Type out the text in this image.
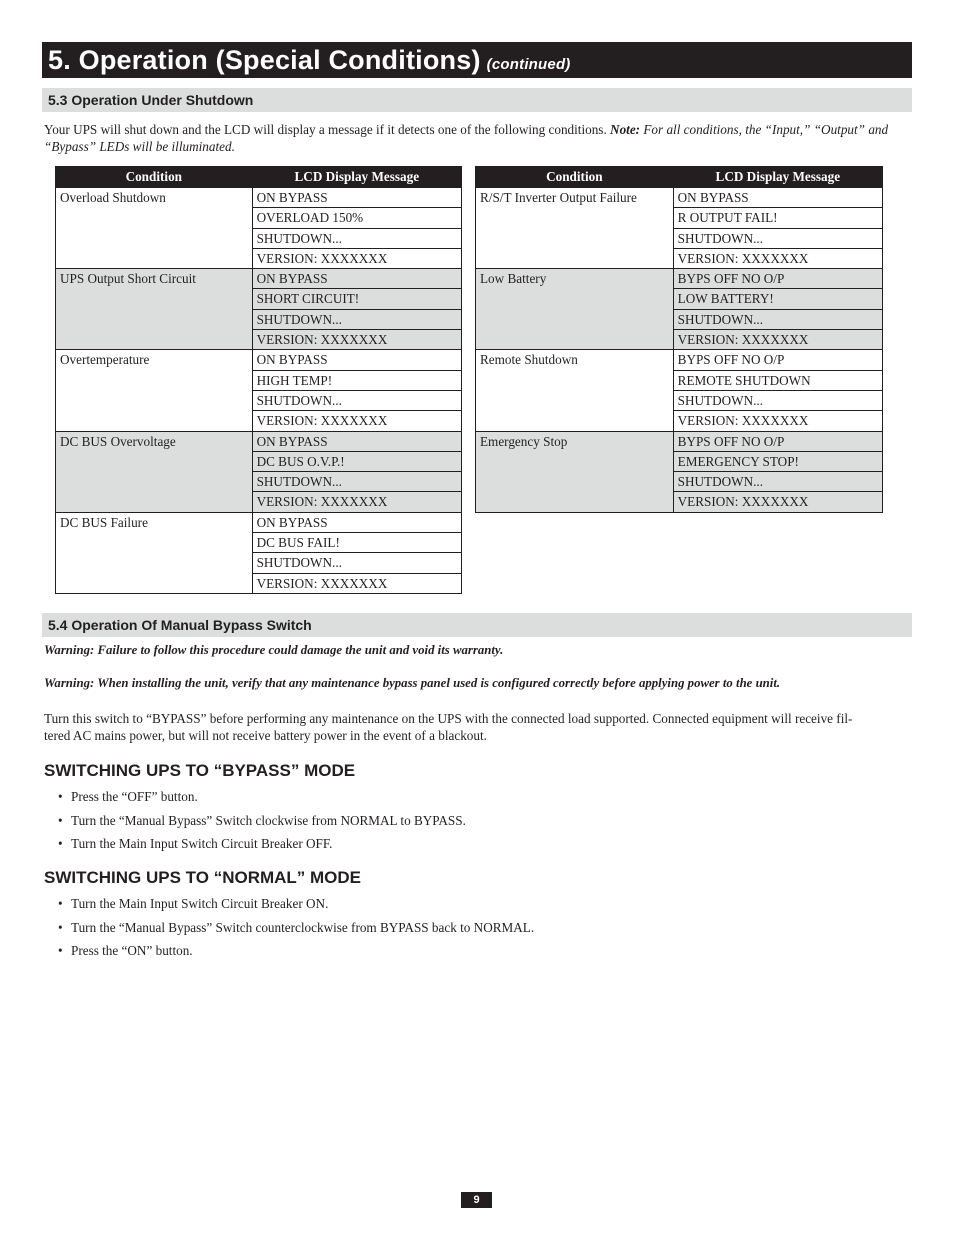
5. Operation (Special Conditions) (continued)
5.3 Operation Under Shutdown
Your UPS will shut down and the LCD will display a message if it detects one of the following conditions. Note: For all conditions, the “Input,” “Output” and “Bypass” LEDs will be illuminated.
Condition	LCD Display Message
Overload Shutdown	ON BYPASS
	OVERLOAD 150%
	SHUTDOWN...
	VERSION: XXXXXXX
UPS Output Short Circuit	ON BYPASS
	SHORT CIRCUIT!
	SHUTDOWN...
	VERSION: XXXXXXX
Overtemperature	ON BYPASS
	HIGH TEMP!
	SHUTDOWN...
	VERSION: XXXXXXX
DC BUS Overvoltage	ON BYPASS
	DC BUS O.V.P.!
	SHUTDOWN...
	VERSION: XXXXXXX
DC BUS Failure	ON BYPASS
	DC BUS FAIL!
	SHUTDOWN...
	VERSION: XXXXXXX
Condition	LCD Display Message
R/S/T Inverter Output Failure	ON BYPASS
	R OUTPUT FAIL!
	SHUTDOWN...
	VERSION: XXXXXXX
Low Battery	BYPS OFF NO O/P
	LOW BATTERY!
	SHUTDOWN...
	VERSION: XXXXXXX
Remote Shutdown	BYPS OFF NO O/P
	REMOTE SHUTDOWN
	SHUTDOWN...
	VERSION: XXXXXXX
Emergency Stop	BYPS OFF NO O/P
	EMERGENCY STOP!
	SHUTDOWN...
	VERSION: XXXXXXX
5.4 Operation Of Manual Bypass Switch
Warning: Failure to follow this procedure could damage the unit and void its warranty.
Warning: When installing the unit, verify that any maintenance bypass panel used is configured correctly before applying power to the unit.
Turn this switch to “BYPASS” before performing any maintenance on the UPS with the connected load supported. Connected equipment will receive fil-
tered AC mains power, but will not receive battery power in the event of a blackout.
SWITCHING UPS TO “BYPASS” MODE
• Press the “OFF” button.
• Turn the “Manual Bypass” Switch clockwise from NORMAL to BYPASS.
• Turn the Main Input Switch Circuit Breaker OFF.
SWITCHING UPS TO “NORMAL” MODE
• Turn the Main Input Switch Circuit Breaker ON.
• Turn the “Manual Bypass” Switch counterclockwise from BYPASS back to NORMAL.
• Press the “ON” button.
9
